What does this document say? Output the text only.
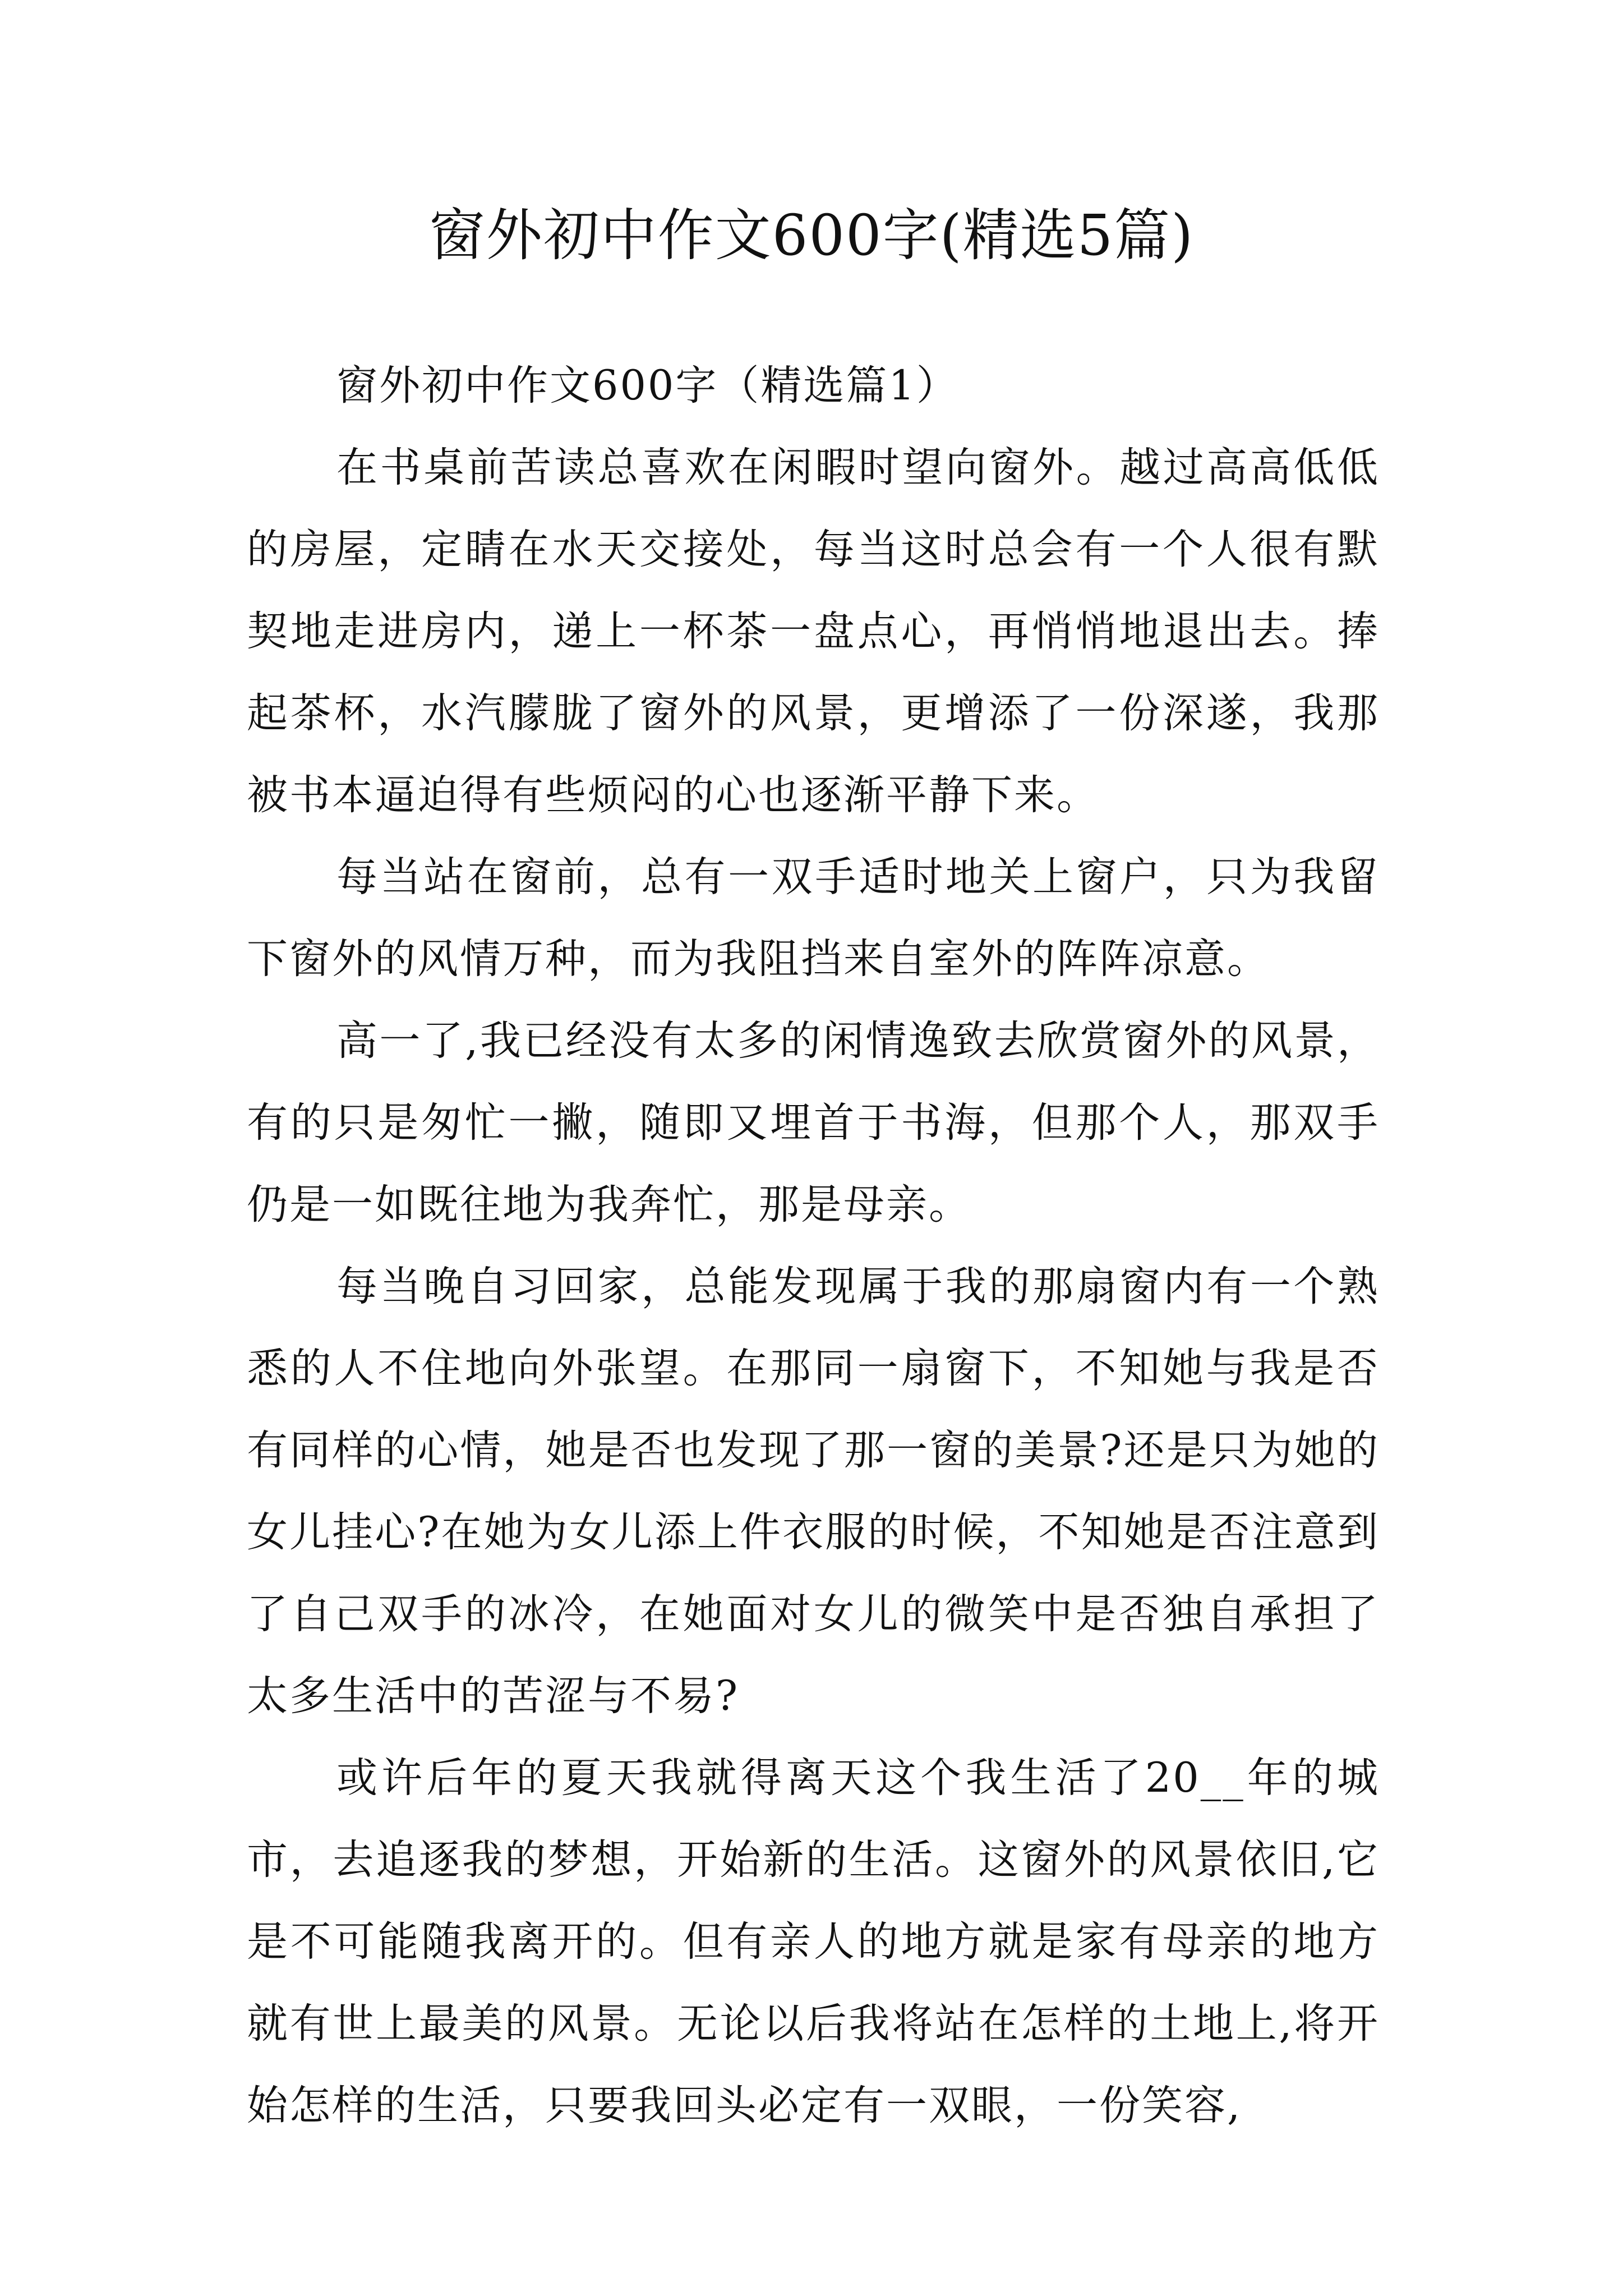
窗外初中作文600字(精选5篇)

窗外初中作文600字（精选篇1）

在书桌前苦读总喜欢在闲暇时望向窗外。越过高高低低的房屋，定睛在水天交接处，每当这时总会有一个人很有默契地走进房内，递上一杯茶一盘点心，再悄悄地退出去。捧起茶杯，水汽朦胧了窗外的风景，更增添了一份深遂，我那被书本逼迫得有些烦闷的心也逐渐平静下来。

每当站在窗前，总有一双手适时地关上窗户，只为我留下窗外的风情万种，而为我阻挡来自室外的阵阵凉意。

高一了,我已经没有太多的闲情逸致去欣赏窗外的风景，有的只是匆忙一撇，随即又埋首于书海，但那个人，那双手仍是一如既往地为我奔忙，那是母亲。

每当晚自习回家，总能发现属于我的那扇窗内有一个熟悉的人不住地向外张望。在那同一扇窗下，不知她与我是否有同样的心情，她是否也发现了那一窗的美景?还是只为她的女儿挂心?在她为女儿添上件衣服的时候，不知她是否注意到了自己双手的冰冷，在她面对女儿的微笑中是否独自承担了太多生活中的苦涩与不易?

或许后年的夏天我就得离天这个我生活了20__年的城市，去追逐我的梦想，开始新的生活。这窗外的风景依旧,它是不可能随我离开的。但有亲人的地方就是家有母亲的地方就有世上最美的风景。无论以后我将站在怎样的土地上,将开始怎样的生活，只要我回头必定有一双眼，一份笑容,
